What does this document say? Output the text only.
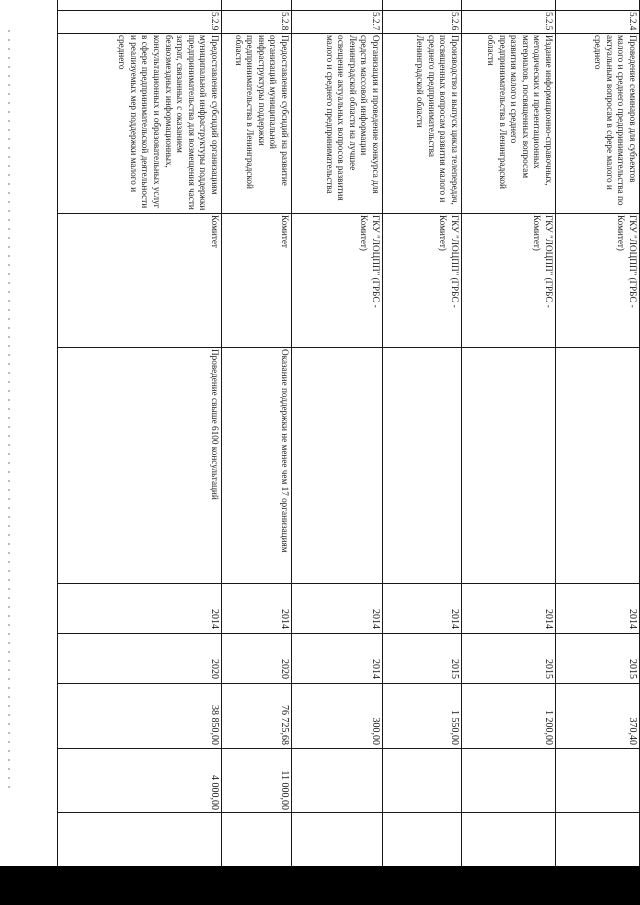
5.2.4
Проведение семинаров для субъектов малого и среднего предпринимательства по актуальным вопросам в сфере малого и среднего
ГКУ "ЛОЦПП" (ГРБС - Комитет)
2014
2015
370,40
5.2.5
Издание информационно-справочных, методических и презентационных материалов, посвященных вопросам развития малого и среднего предпринимательства в Ленинградской области
ГКУ "ЛОЦПП" (ГРБС - Комитет)
2014
2015
1 200,00
5.2.6
Производство и выпуск цикла телепередач, посвященных вопросам развития малого и среднего предпринимательства Ленинградской области
ГКУ "ЛОЦПП" (ГРБС - Комитет)
2014
2015
1 550,00
5.2.7
Организация и проведение конкурса для средств массовой информации Ленинградской области на лучшее освещение актуальных вопросов развития малого и среднего предпринимательства
ГКУ "ЛОЦПП" (ГРБС - Комитет)
2014
2014
300,00
5.2.8
Предоставление субсидий на развитие организаций муниципальной инфраструктуры поддержки предпринимательства в Ленинградской области
Комитет
Оказание поддержки не менее чем 17 организациям
2014
2020
76 725,68
11 000,00
5.2.9
Предоставление субсидий организациям муниципальной инфраструктуры поддержки предпринимательства для возмещения части затрат, связанных с оказанием безвозмездных информационных, консультационных и образовательных услуг в сфере предпринимательской деятельности и реализуемых мер поддержки малого и среднего
Комитет
Проведение свыше 6100 консультаций
2014
2020
38 850,00
4 000,00
